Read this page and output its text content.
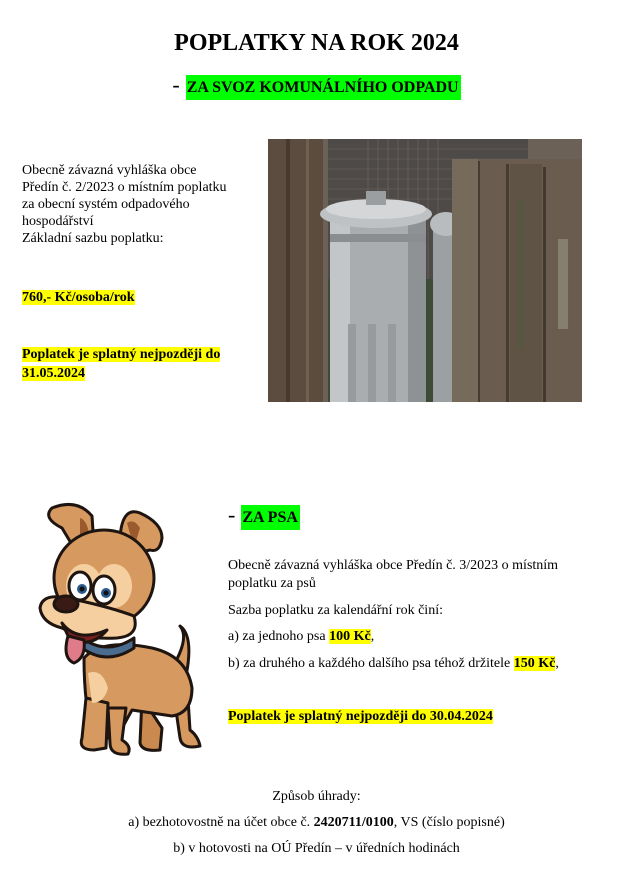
POPLATKY NA ROK 2024
- ZA SVOZ KOMUNÁLNÍHO ODPADU
Obecně závazná vyhláška obce
Předín č. 2/2023 o místním poplatku
za obecní systém odpadového
hospodářství
Základní sazbu poplatku:
760,- Kč/osoba/rok
Poplatek je splatný nejpozději do
31.05.2024
- ZA PSA
Obecně závazná vyhláška obce Předín č. 3/2023 o místním
poplatku za psů
Sazba poplatku za kalendářní rok činí:
a) za jednoho psa 100 Kč,
b) za druhého a každého dalšího psa téhož držitele 150 Kč,
Poplatek je splatný nejpozději do 30.04.2024
Způsob úhrady:
a) bezhotovostně na účet obce č. 2420711/0100, VS (číslo popisné)
b) v hotovosti na OÚ Předín – v úředních hodinách
